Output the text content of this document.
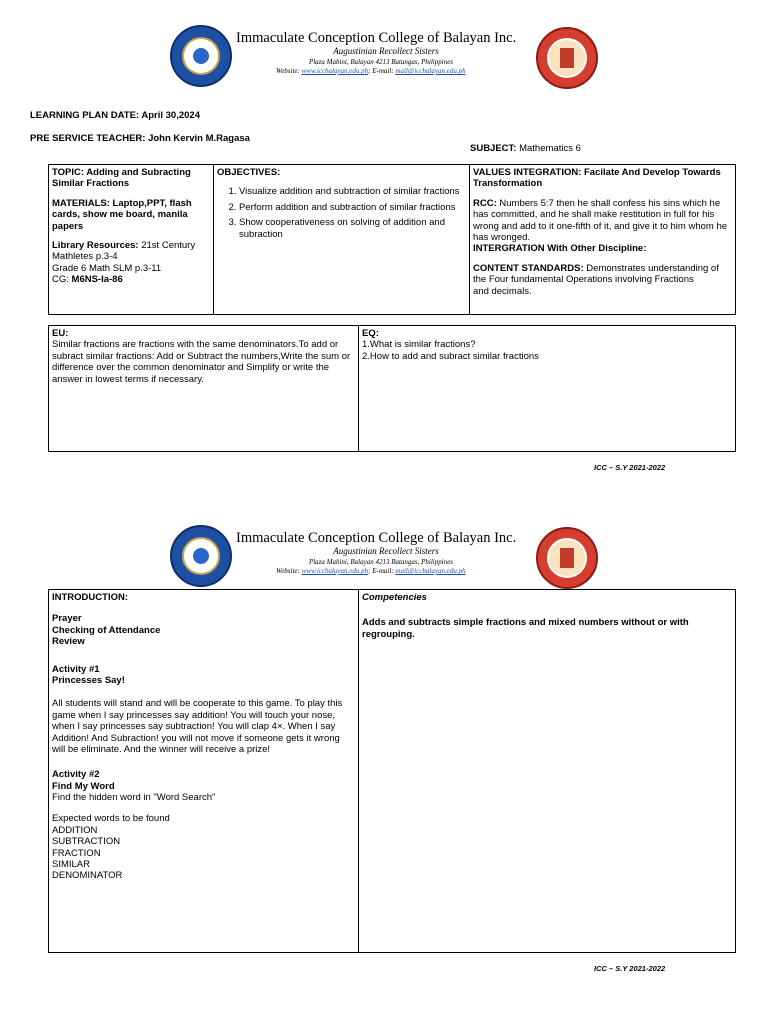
Immaculate Conception College of Balayan Inc.
Augustinian Recollect Sisters
Plaza Mabini, Balayan 4213 Batangas, Philippines
Website: www.iccbalayan.edu.ph; E-mail: mail@iccbalayan.edu.ph
LEARNING PLAN DATE: April 30,2024
PRE SERVICE TEACHER: John Kervin M.Ragasa
SUBJECT: Mathematics 6

TOPIC: Adding and Subracting Similar Fractions

MATERIALS: Laptop,PPT, flash cards, show me board, manila papers

Library Resources: 21st Century Mathletes p.3-4

Grade 6 Math SLM p.3-11

CG: M6NS-Ia-86

OBJECTIVES:

1. Visualize addition and subtraction of similar fractions
2. Perform addition and subtraction of similar fractions
3. Show cooperativeness on solving of addition and subraction

VALUES INTEGRATION: Facilate And Develop Towards Transformation

RCC: Numbers 5:7 then he shall confess his sins which he has committed, and he shall make restitution in full for his wrong and add to it one-fifth of it, and give it to him whom he has wronged.

INTERGRATION With Other Discipline:

CONTENT STANDARDS: Demonstrates understanding of the Four fundamental Operations involving Fractions

and decimals.

EU:

Similar fractions are fractions with the same denominators.To add or subract similar fractions: Add or Subtract the numbers,Write the sum or difference over the common denominator and Simplify or write the answer in lowest terms if necessary.

EQ:

1.What is similar fractions?

2.How to add and subract similar fractions

ICC – S.Y 2021-2022
Immaculate Conception College of Balayan Inc.
Augustinian Recollect Sisters
Plaza Mabini, Balayan 4213 Batangas, Philippines
Website: www.iccbalayan.edu.ph; E-mail: mail@iccbalayan.edu.ph

INTRODUCTION:

Prayer

Checking of Attendance

Review

Activity #1

Princesses Say!

All students will stand and will be cooperate to this game. To play this game when I say princesses say addition! You will touch your nose, when I say princesses say subtraction! You will clap 4×. When I say Addition! And Subraction! you will not move if someone gets it wrong will be eliminate. And the winner will receive a prize!

Activity #2

Find My Word

Find the hidden word in "Word Search"

Expected words to be found

ADDITION

SUBTRACTION

FRACTION

SIMILAR

DENOMINATOR

Competencies

Adds and subtracts simple fractions and mixed numbers without or with regrouping.

ICC – S.Y 2021-2022
